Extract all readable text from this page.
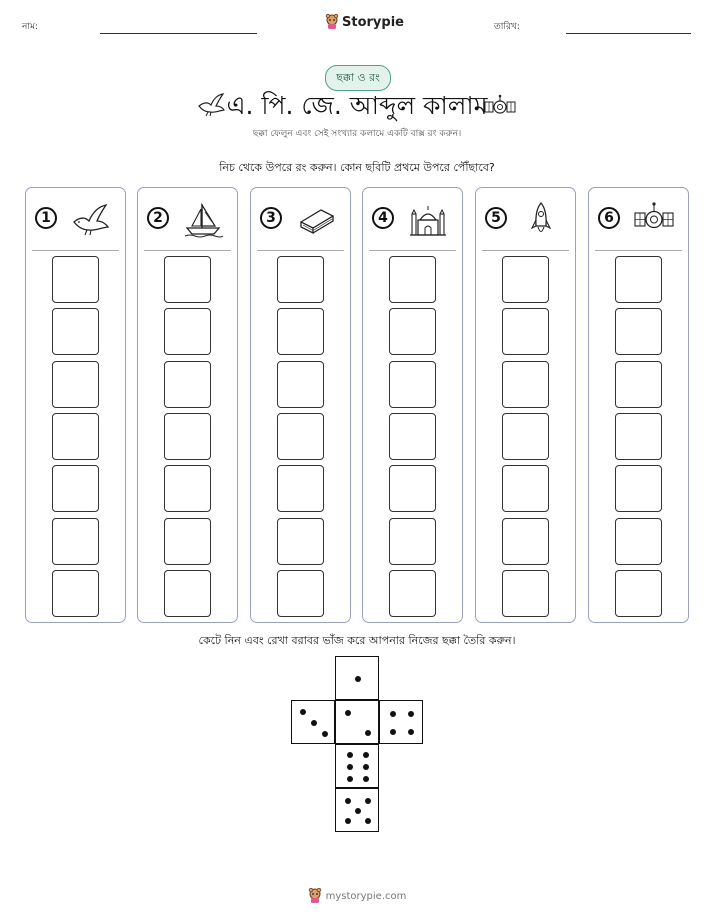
নাম:	Storypie	তারিখ:
ছক্কা ও রং
এ. পি. জে. আব্দুল কালাম
ছক্কা ফেলুন এবং সেই সংখ্যার কলামে একটি বাক্স রং করুন।
নিচ থেকে উপরে রং করুন। কোন ছবিটি প্রথমে উপরে পৌঁছাবে?
1	2	3	4	5	6
কেটে নিন এবং রেখা বরাবর ভাঁজ করে আপনার নিজের ছক্কা তৈরি করুন।
mystorypie.com
